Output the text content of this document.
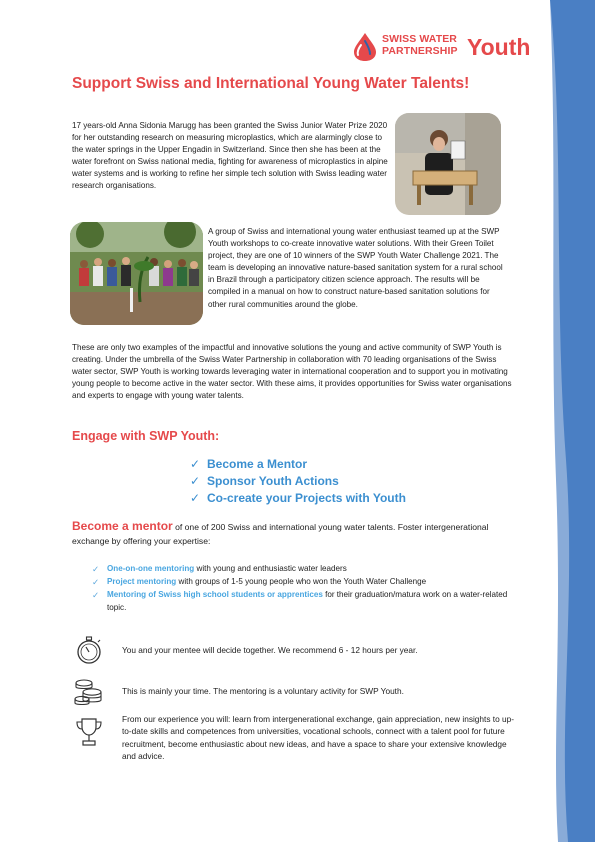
SWISS WATER
PARTNERSHIP Youth
Support Swiss and International Young Water Talents!

17 years-old Anna Sidonia Marugg has been granted the Swiss Junior Water Prize 2020 for her outstanding research on measuring microplastics, which are alarmingly close to the water springs in the Upper Engadin in Switzerland. Since then she has been at the water forefront on Swiss national media, fighting for awareness of microplastics in alpine water systems and is working to refine her simple tech solution with Swiss leading water research organisations.

A group of Swiss and international young water enthusiast teamed up at the SWP Youth workshops to co-create innovative water solutions. With their Green Toilet project, they are one of 10 winners of the SWP Youth Water Challenge 2021. The team is developing an innovative nature-based sanitation system for a rural school in Brazil through a participatory citizen science approach. The results will be compiled in a manual on how to construct nature-based sanitation solutions for other rural communities around the globe.

These are only two examples of the impactful and innovative solutions the young and active community of SWP Youth is creating. Under the umbrella of the Swiss Water Partnership in collaboration with 70 leading organisations of the Swiss water sector, SWP Youth is working towards leveraging water in international cooperation and to support you in motivating young people to become active in the water sector. With these aims, it provides opportunities for Swiss water organisations and experts to engage with young water talents.

Engage with SWP Youth:
✓ Become a Mentor
✓ Sponsor Youth Actions
✓ Co-create your Projects with Youth

Become a mentor of one of 200 Swiss and international young water talents. Foster intergenerational exchange by offering your expertise:

✓ One-on-one mentoring with young and enthusiastic water leaders
✓ Project mentoring with groups of 1-5 young people who won the Youth Water Challenge
✓ Mentoring of Swiss high school students or apprentices for their graduation/matura work on a water-related topic.

You and your mentee will decide together. We recommend 6 - 12 hours per year.

This is mainly your time. The mentoring is a voluntary activity for SWP Youth.

From our experience you will: learn from intergenerational exchange, gain appreciation, new insights to up-to-date skills and competences from universities, vocational schools, connect with a talent pool for future recruitment, become enthusiastic about new ideas, and have a space to share your extensive knowledge and advice.
